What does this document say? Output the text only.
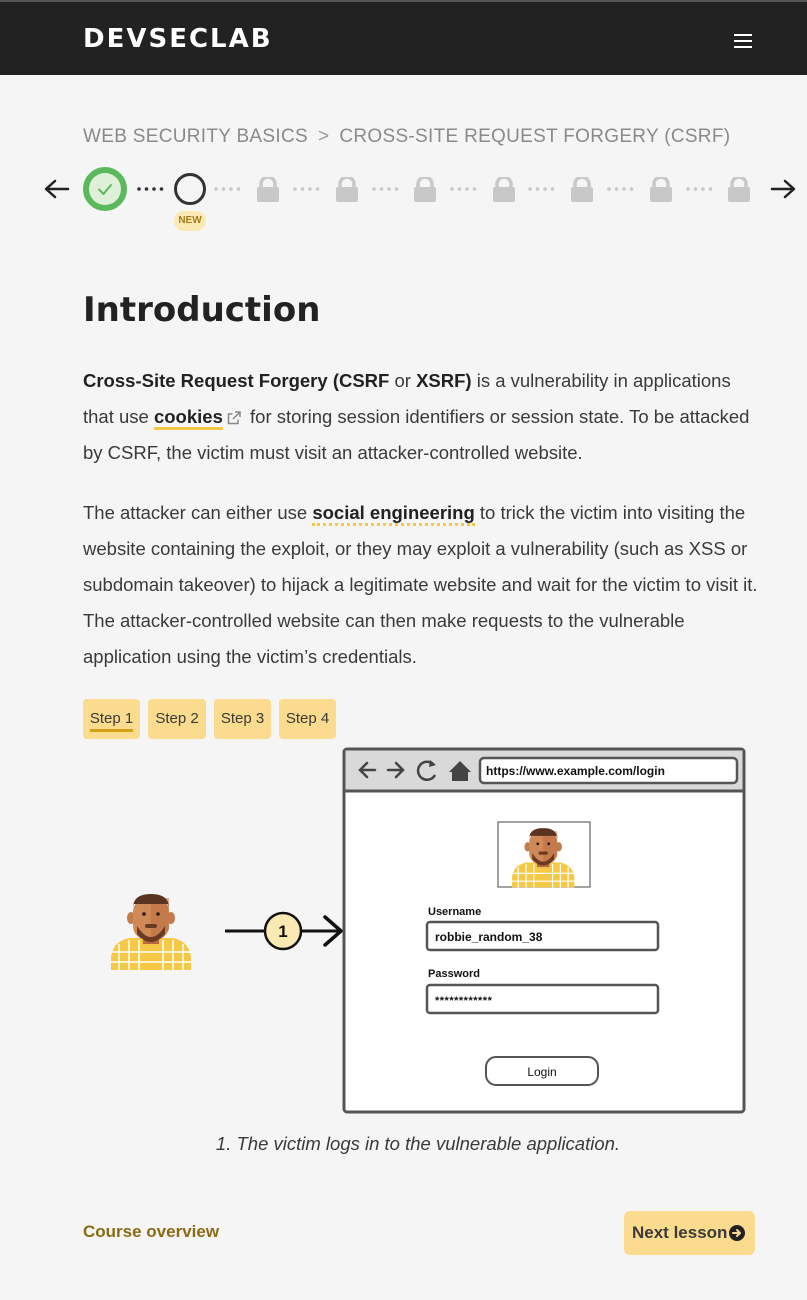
DEVSECLAB
WEB SECURITY BASICS > CROSS-SITE REQUEST FORGERY (CSRF)
NEW
Introduction

Cross-Site Request Forgery (CSRF or XSRF) is a vulnerability in applications that use cookies for storing session identifiers or session state. To be attacked by CSRF, the victim must visit an attacker-controlled website.

The attacker can either use social engineering to trick the victim into visiting the website containing the exploit, or they may exploit a vulnerability (such as XSS or subdomain takeover) to hijack a legitimate website and wait for the victim to visit it. The attacker-controlled website can then make requests to the vulnerable application using the victim’s credentials.

Step 1	Step 2	Step 3	Step 4
1
https://www.example.com/login
Username
robbie_random_38
Password
************
Login
1. The victim logs in to the vulnerable application.
Course overview	Next lesson
